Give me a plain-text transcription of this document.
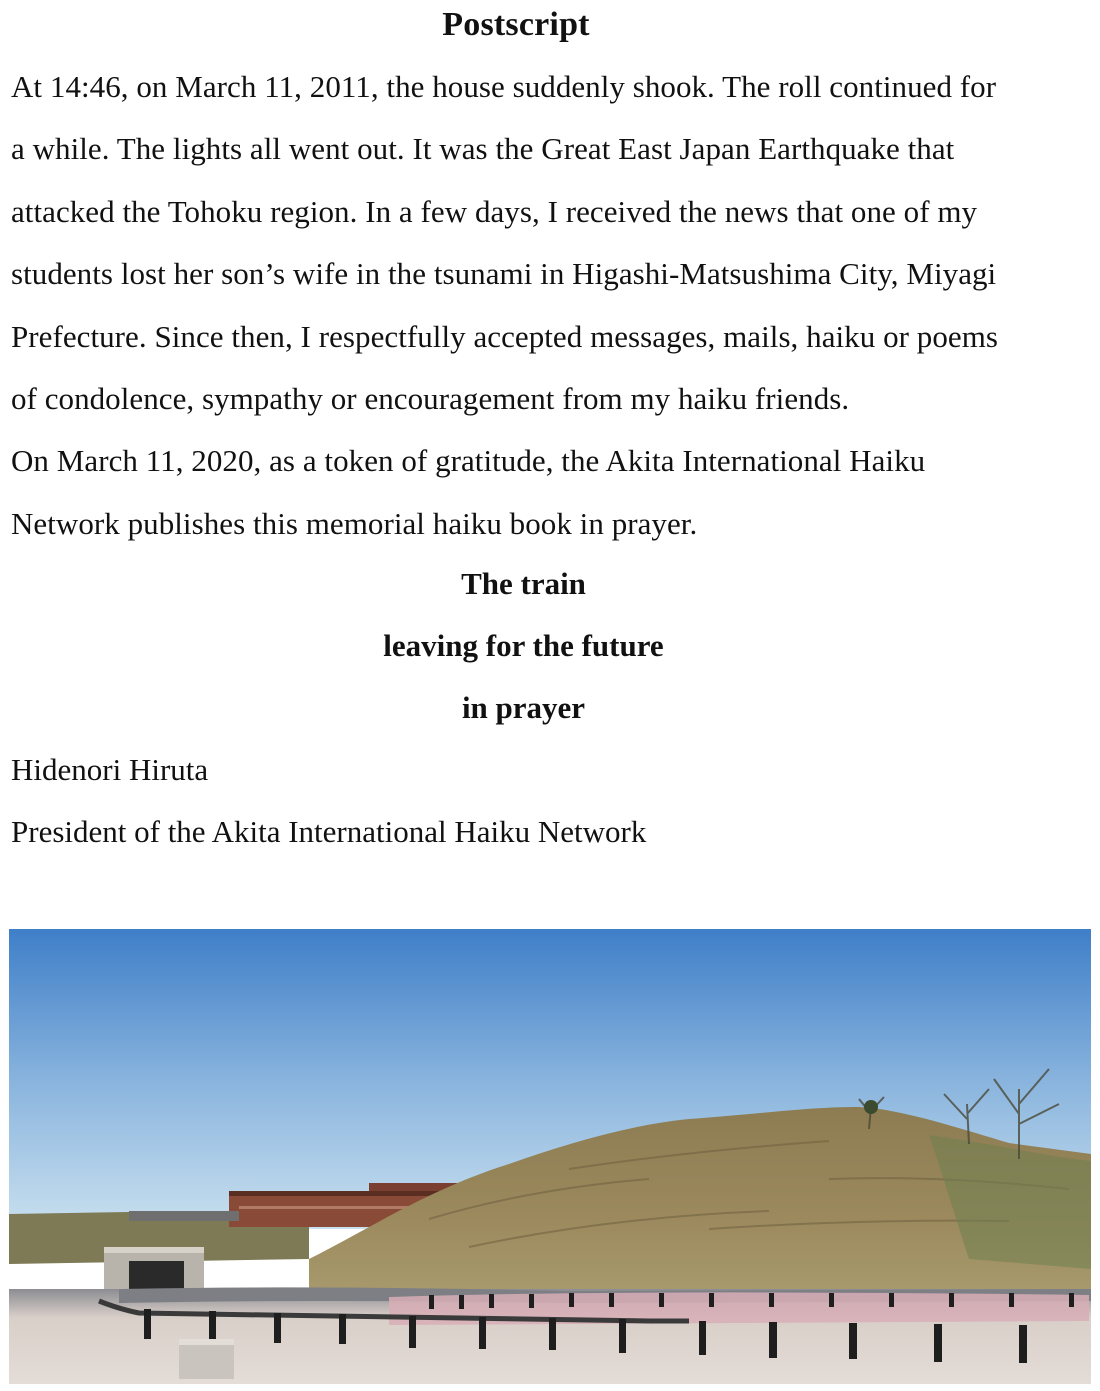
Postscript
At 14:46, on March 11, 2011, the house suddenly shook. The roll continued for
a while. The lights all went out. It was the Great East Japan Earthquake that
attacked the Tohoku region. In a few days, I received the news that one of my
students lost her son’s wife in the tsunami in Higashi-Matsushima City, Miyagi
Prefecture. Since then, I respectfully accepted messages, mails, haiku or poems
of condolence, sympathy or encouragement from my haiku friends.
On March 11, 2020, as a token of gratitude, the Akita International Haiku
Network publishes this memorial haiku book in prayer.
The train
leaving for the future
in prayer
Hidenori Hiruta
President of the Akita International Haiku Network
